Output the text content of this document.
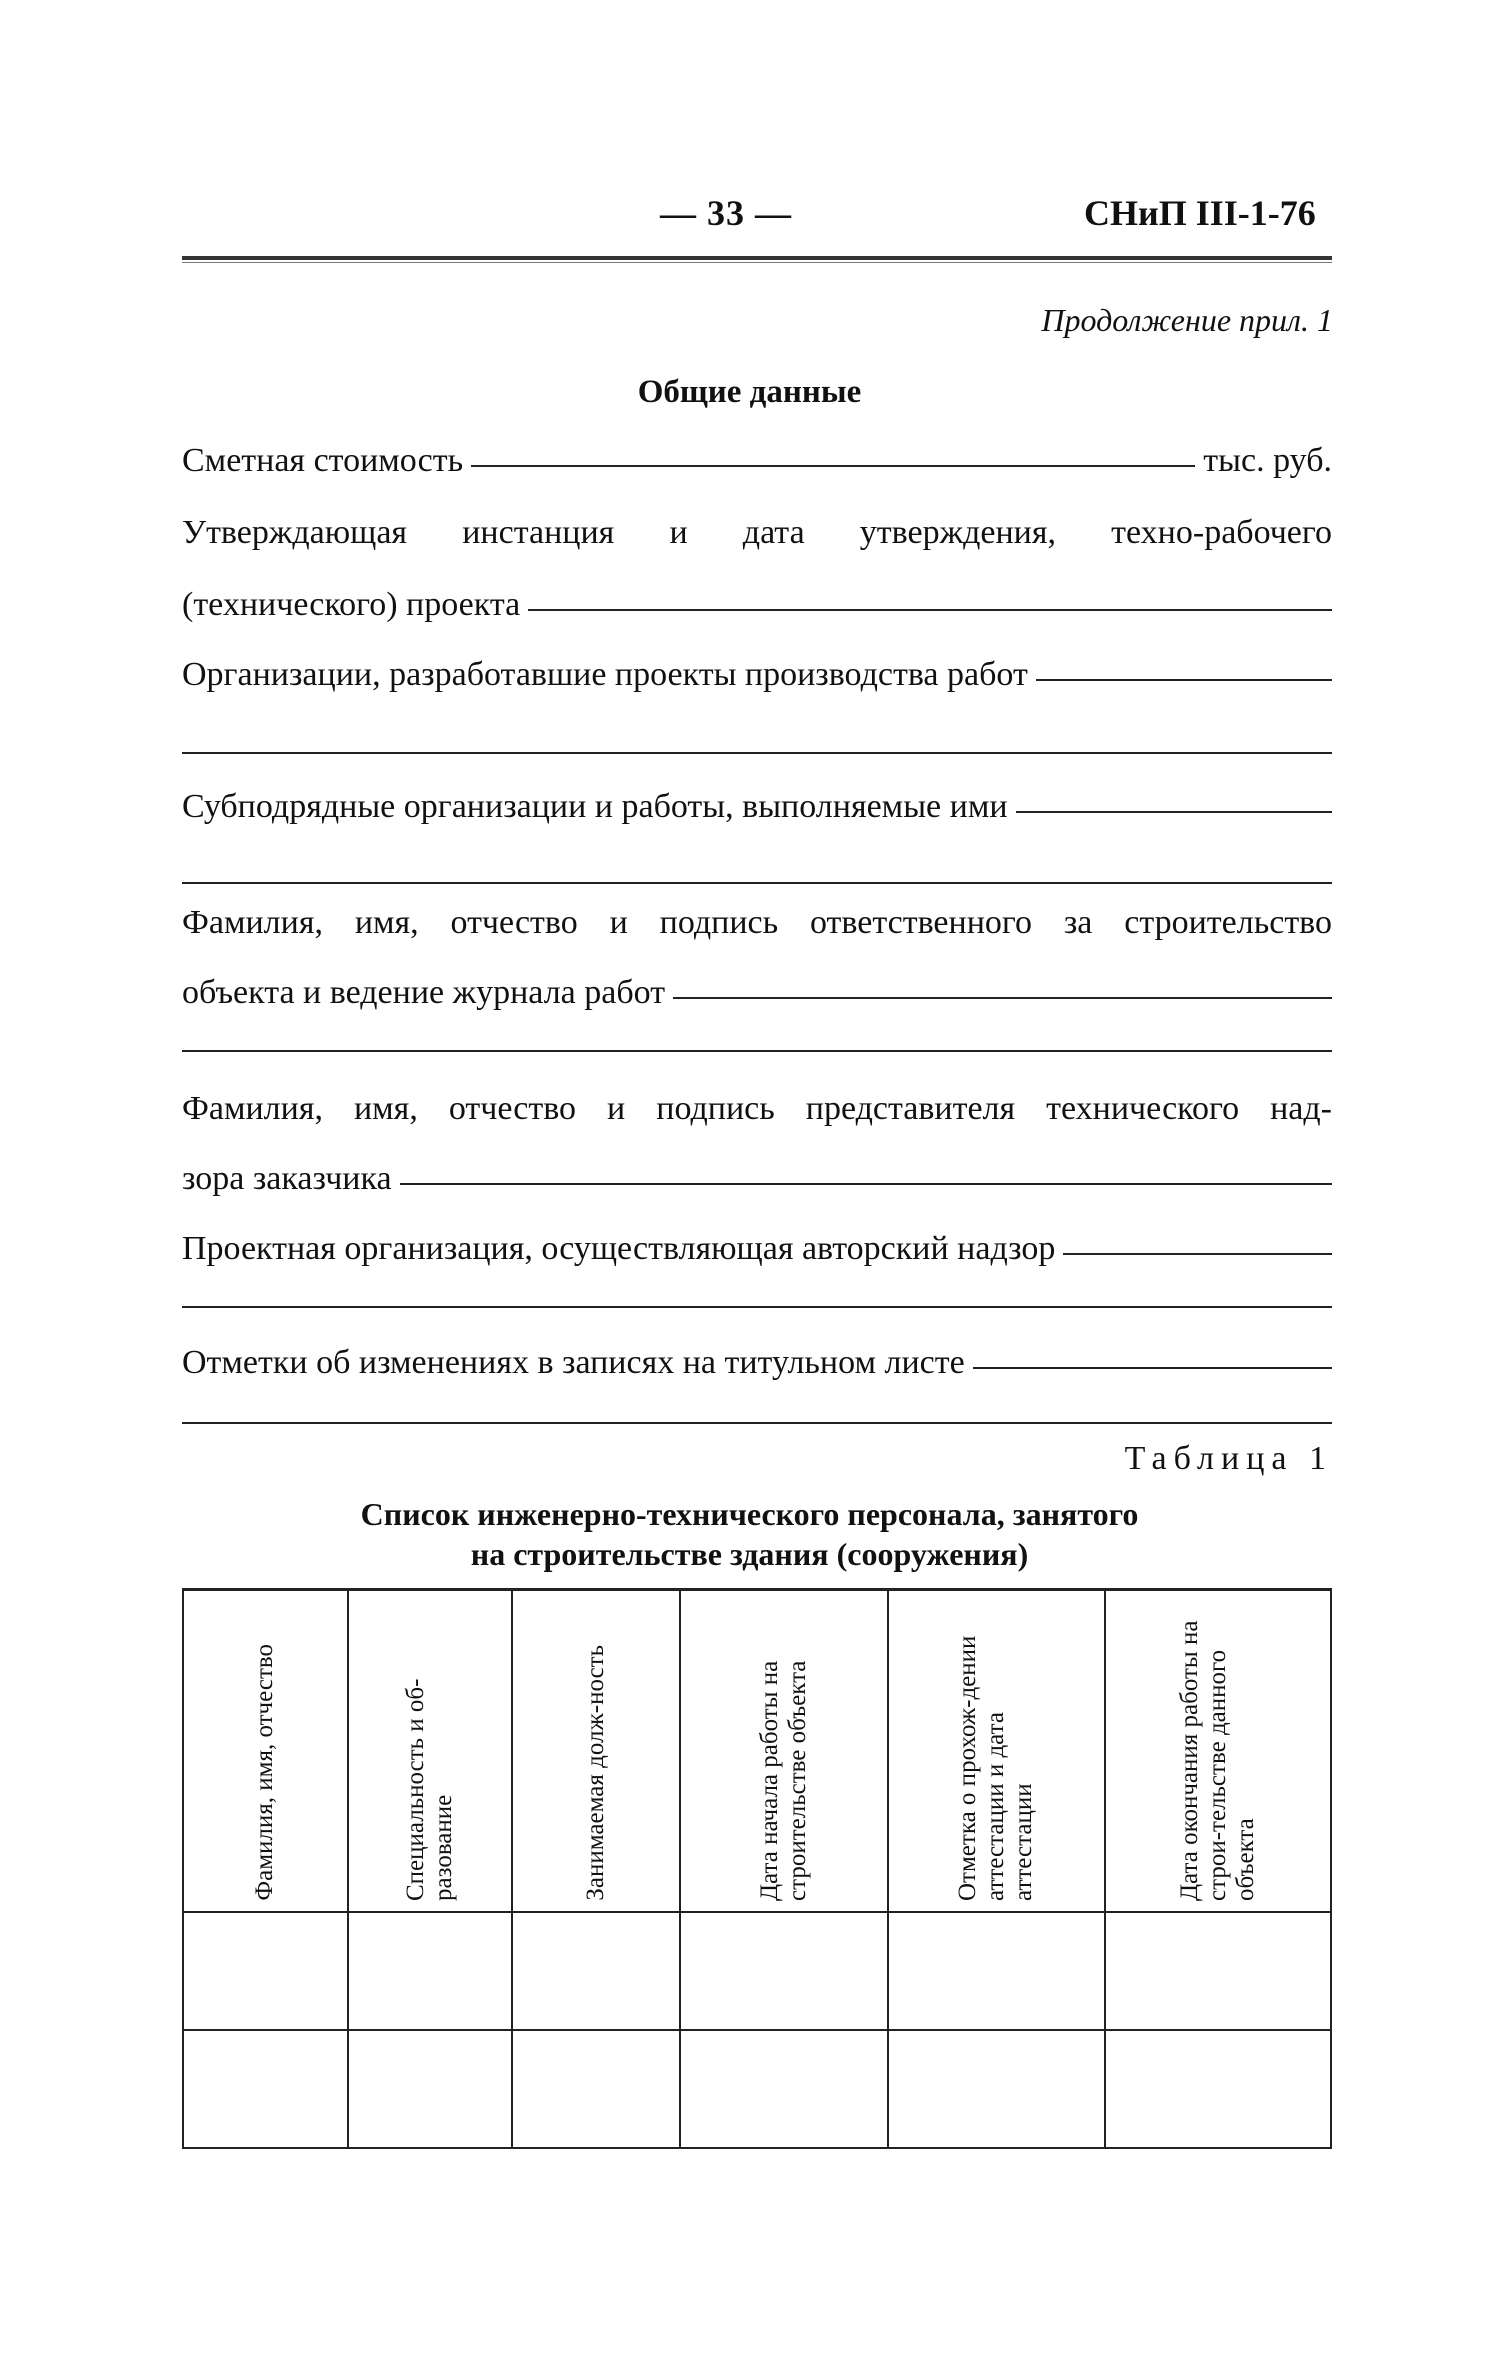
— 33 —	СНиП III-1-76
Продолжение прил. 1
Общие данные
Сметная стоимость	тыс. руб.
Утверждающая инстанция и дата утверждения, техно-рабочего
(технического) проекта
Организации, разработавшие проекты производства работ
Субподрядные организации и работы, выполняемые ими
Фамилия, имя, отчество и подпись ответственного за строительство
объекта и ведение журнала работ
Фамилия, имя, отчество и подпись представителя технического над-
зора заказчика
Проектная организация, осуществляющая авторский надзор
Отметки об изменениях в записях на титульном листе
Таблица 1
Список инженерно-технического персонала, занятого
на строительстве здания (сооружения)
Фамилия, имя, отчество	Специальность и об-разование	Занимаемая долж-ность	Дата начала работы на строительстве объекта	Отметка о прохож-дении аттестации и дата аттестации	Дата окончания работы на строи-тельстве данного объекта
